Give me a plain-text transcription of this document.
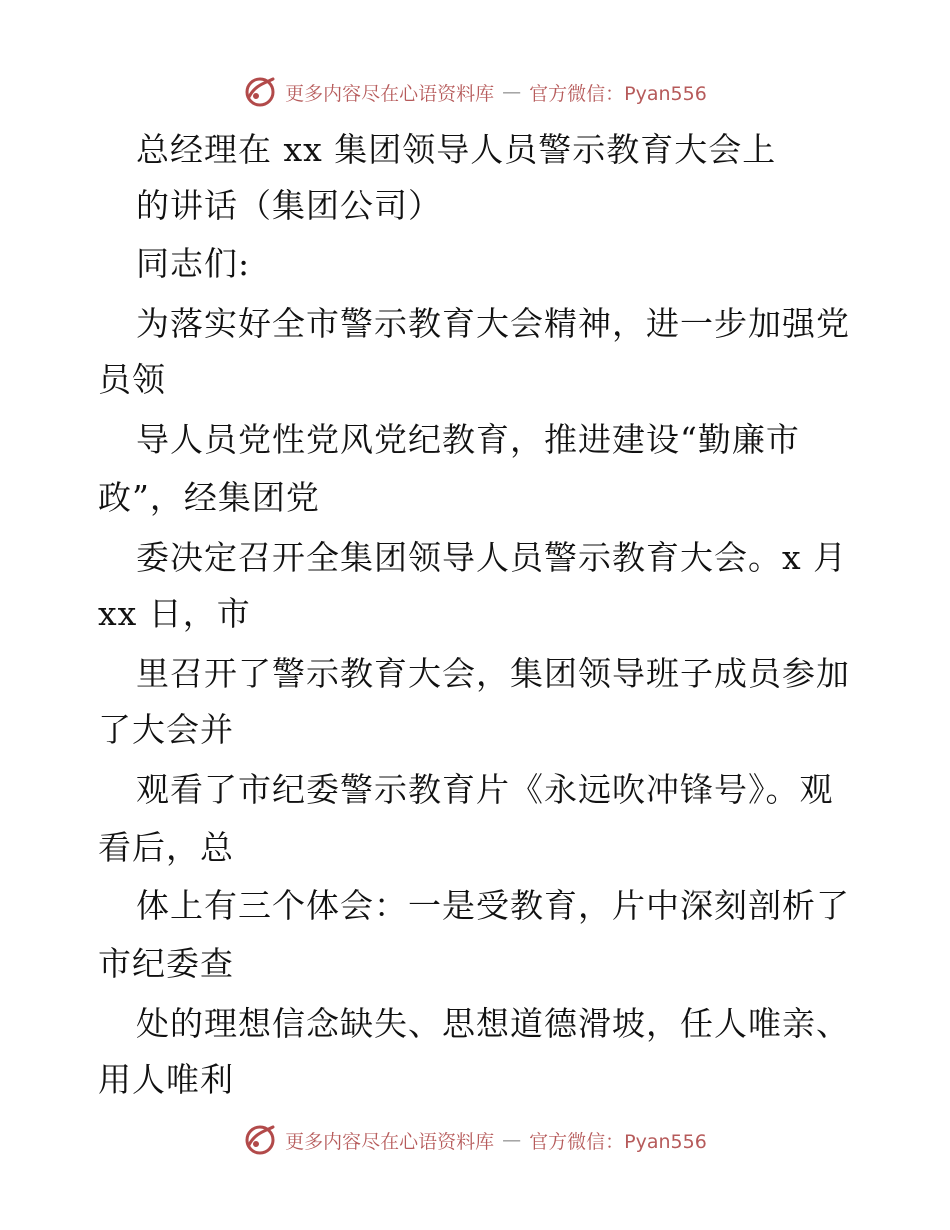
更多内容尽在心语资料库 — 官方微信：Pyan556
总经理在 xx 集团领导人员警示教育大会上
的讲话（集团公司）
同志们:
为落实好全市警示教育大会精神，进一步加强党
员领
导人员党性党风党纪教育，推进建设“勤廉市
政”，经集团党
委决定召开全集团领导人员警示教育大会。x 月
xx 日，市
里召开了警示教育大会，集团领导班子成员参加
了大会并
观看了市纪委警示教育片《永远吹冲锋号》。观
看后，总
体上有三个体会：一是受教育，片中深刻剖析了
市纪委查
处的理想信念缺失、思想道德滑坡，任人唯亲、
用人唯利
更多内容尽在心语资料库 — 官方微信：Pyan556
